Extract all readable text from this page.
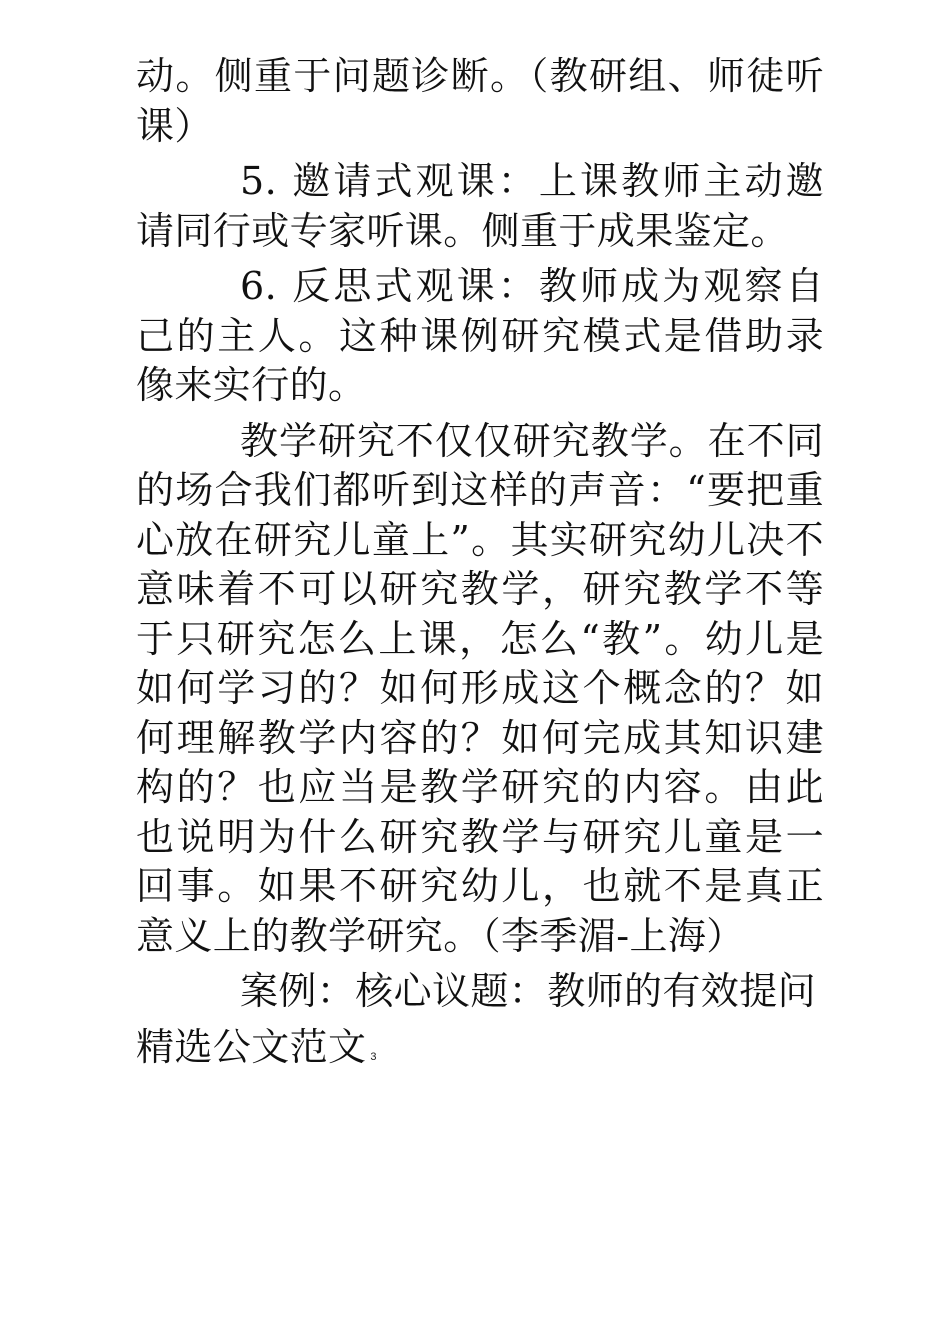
动。侧重于问题诊断。（教研组、师徒听课）

5. 邀请式观课：上课教师主动邀请同行或专家听课。侧重于成果鉴定。

6. 反思式观课：教师成为观察自己的主人。这种课例研究模式是借助录像来实行的。

教学研究不仅仅研究教学。在不同的场合我们都听到这样的声音：“要把重心放在研究儿童上”。其实研究幼儿决不意味着不可以研究教学，研究教学不等于只研究怎么上课，怎么“教”。幼儿是如何学习的？如何形成这个概念的？如何理解教学内容的？如何完成其知识建构的？也应当是教学研究的内容。由此也说明为什么研究教学与研究儿童是一回事。如果不研究幼儿，也就不是真正意义上的教学研究。（李季湄-上海）

案例：核心议题：教师的有效提问

精选公文范文 3
